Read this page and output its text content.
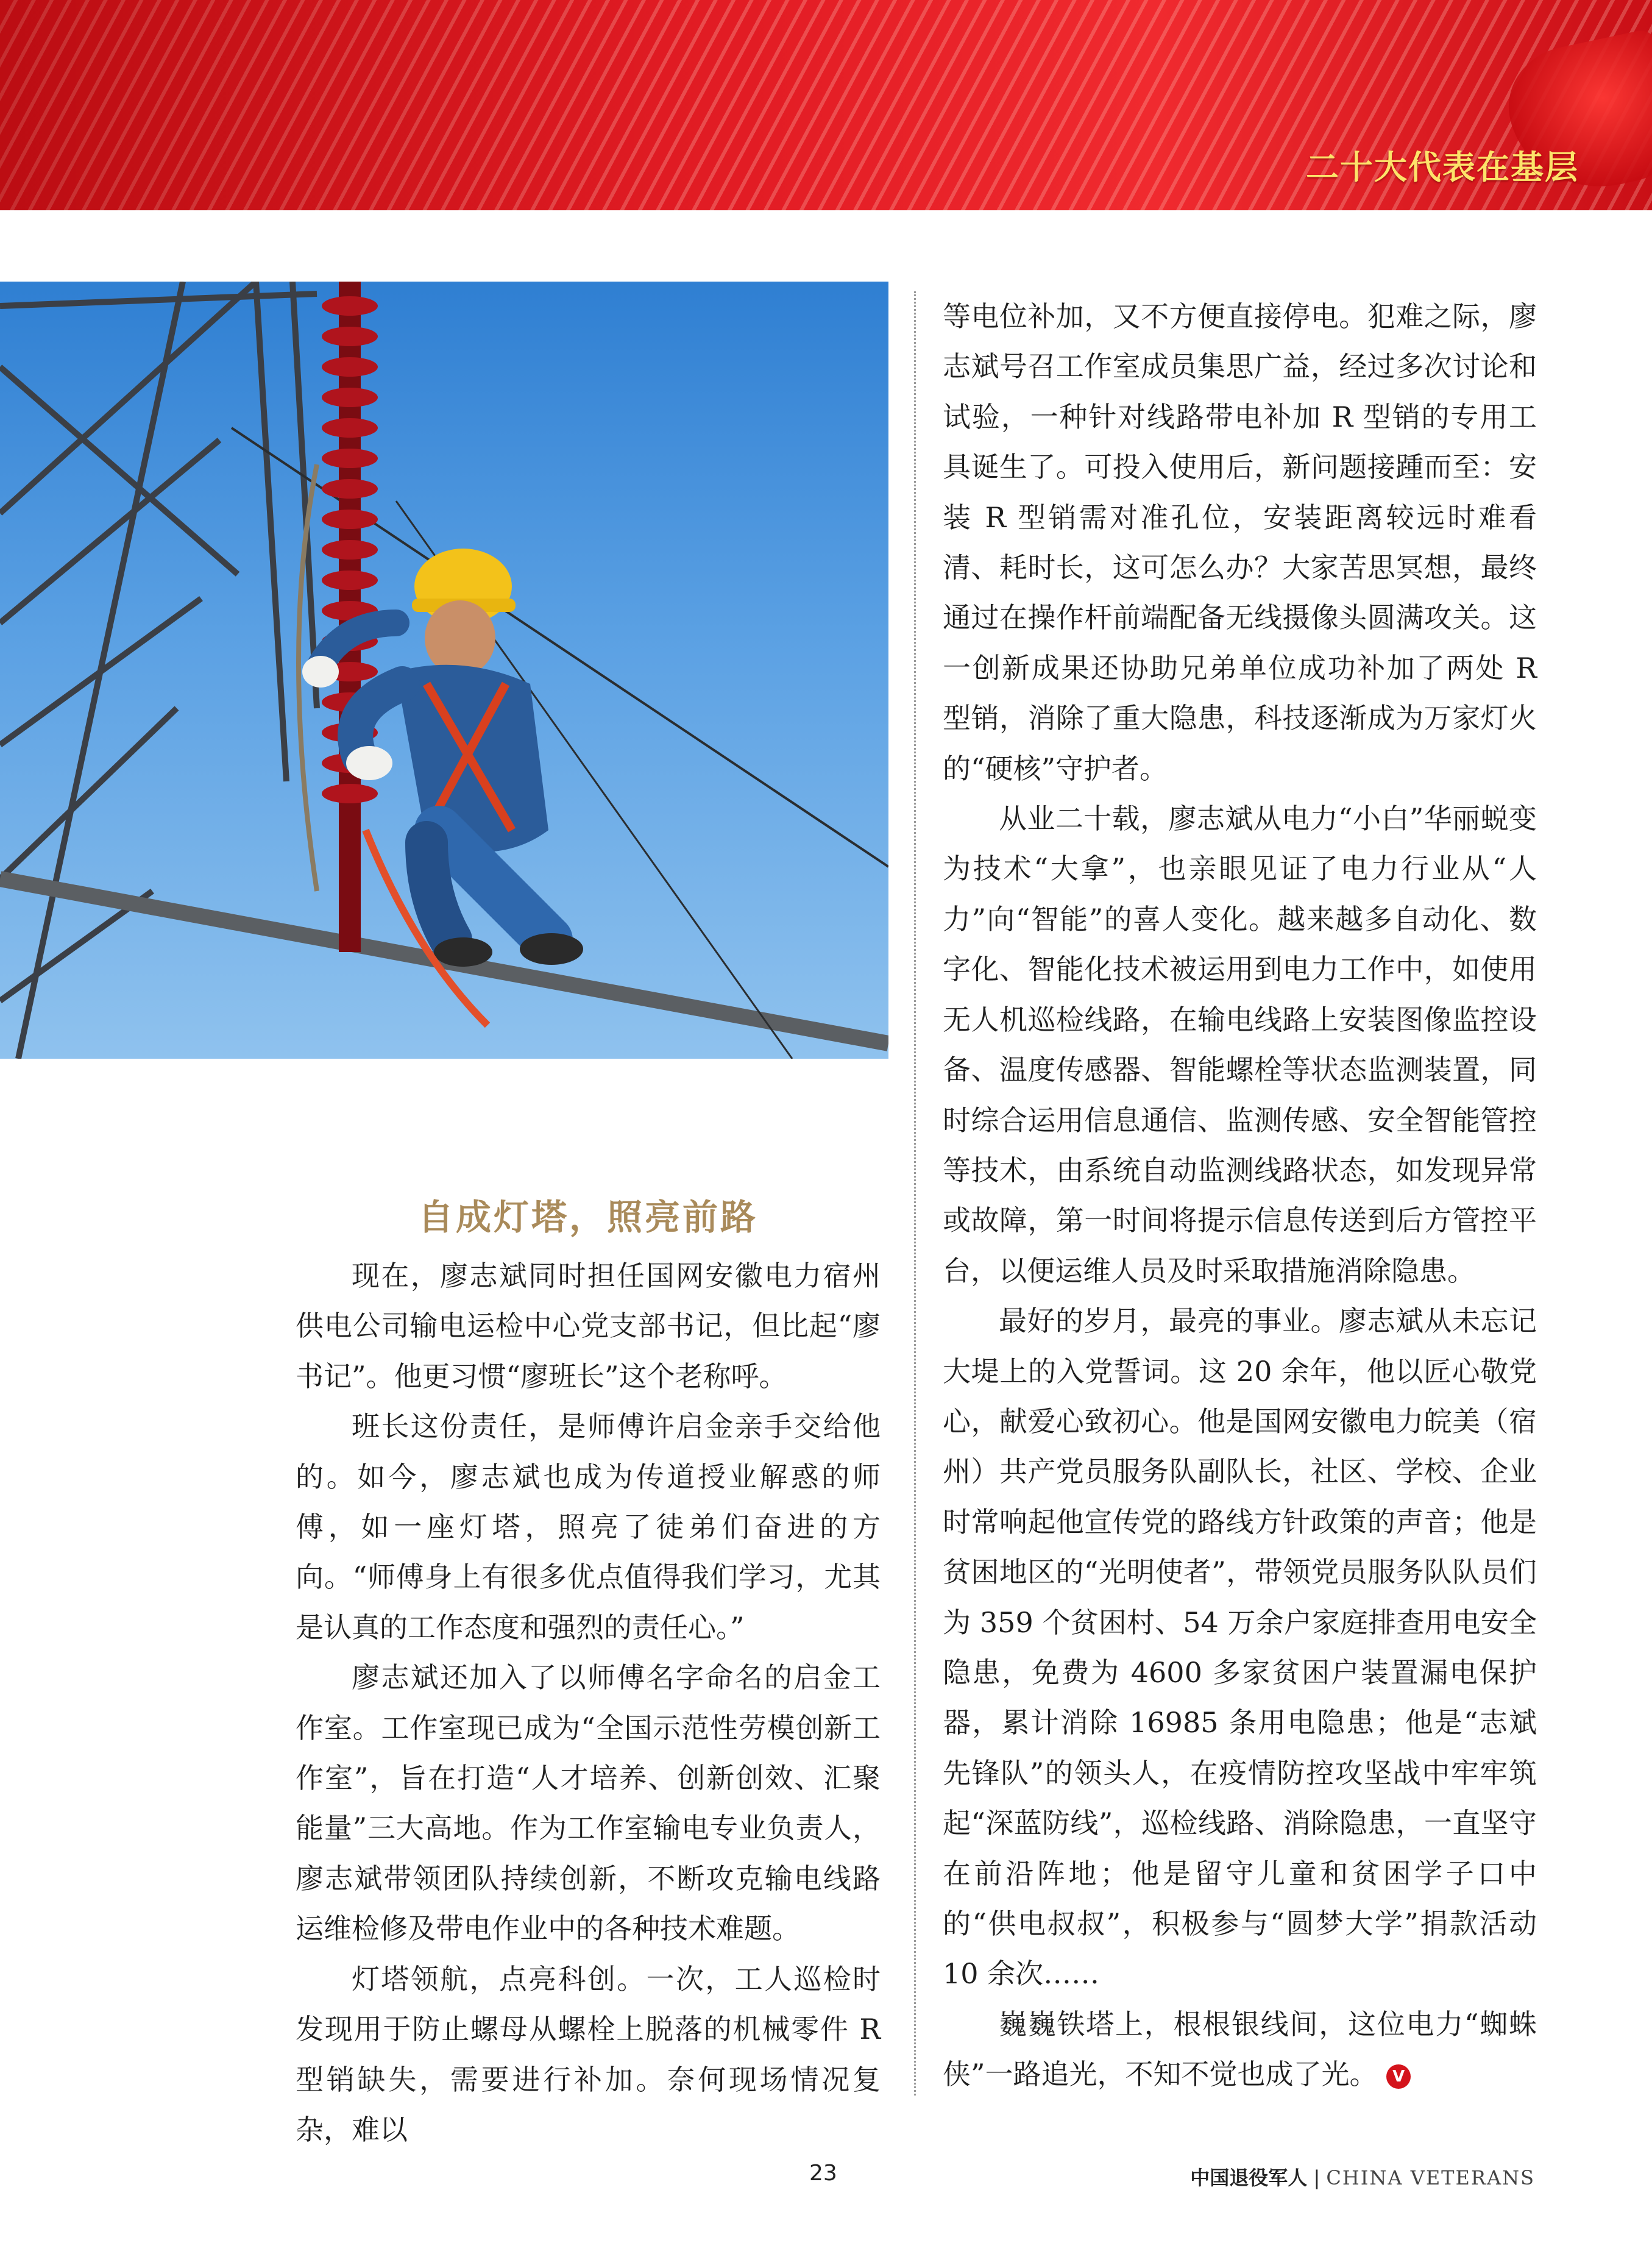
二十大代表在基层
自成灯塔，照亮前路

现在，廖志斌同时担任国网安徽电力宿州供电公司输电运检中心党支部书记，但比起“廖书记”。他更习惯“廖班长”这个老称呼。

班长这份责任，是师傅许启金亲手交给他的。如今，廖志斌也成为传道授业解惑的师傅，如一座灯塔，照亮了徒弟们奋进的方向。“师傅身上有很多优点值得我们学习，尤其是认真的工作态度和强烈的责任心。”

廖志斌还加入了以师傅名字命名的启金工作室。工作室现已成为“全国示范性劳模创新工作室”，旨在打造“人才培养、创新创效、汇聚能量”三大高地。作为工作室输电专业负责人，廖志斌带领团队持续创新，不断攻克输电线路运维检修及带电作业中的各种技术难题。

灯塔领航，点亮科创。一次，工人巡检时发现用于防止螺母从螺栓上脱落的机械零件 R 型销缺失，需要进行补加。奈何现场情况复杂，难以

等电位补加，又不方便直接停电。犯难之际，廖志斌号召工作室成员集思广益，经过多次讨论和试验，一种针对线路带电补加 R 型销的专用工具诞生了。可投入使用后，新问题接踵而至：安装 R 型销需对准孔位，安装距离较远时难看清、耗时长，这可怎么办？大家苦思冥想，最终通过在操作杆前端配备无线摄像头圆满攻关。这一创新成果还协助兄弟单位成功补加了两处 R 型销，消除了重大隐患，科技逐渐成为万家灯火的“硬核”守护者。

从业二十载，廖志斌从电力“小白”华丽蜕变为技术“大拿”，也亲眼见证了电力行业从“人力”向“智能”的喜人变化。越来越多自动化、数字化、智能化技术被运用到电力工作中，如使用无人机巡检线路，在输电线路上安装图像监控设备、温度传感器、智能螺栓等状态监测装置，同时综合运用信息通信、监测传感、安全智能管控等技术，由系统自动监测线路状态，如发现异常或故障，第一时间将提示信息传送到后方管控平台，以便运维人员及时采取措施消除隐患。

最好的岁月，最亮的事业。廖志斌从未忘记大堤上的入党誓词。这 20 余年，他以匠心敬党心，献爱心致初心。他是国网安徽电力皖美（宿州）共产党员服务队副队长，社区、学校、企业时常响起他宣传党的路线方针政策的声音；他是贫困地区的“光明使者”，带领党员服务队队员们为 359 个贫困村、54 万余户家庭排查用电安全隐患，免费为 4600 多家贫困户装置漏电保护器，累计消除 16985 条用电隐患；他是“志斌先锋队”的领头人，在疫情防控攻坚战中牢牢筑起“深蓝防线”，巡检线路、消除隐患，一直坚守在前沿阵地；他是留守儿童和贫困学子口中的“供电叔叔”，积极参与“圆梦大学”捐款活动 10 余次……

巍巍铁塔上，根根银线间，这位电力“蜘蛛侠”一路追光，不知不觉也成了光。 V

23	中国退役军人 | CHINA VETERANS
